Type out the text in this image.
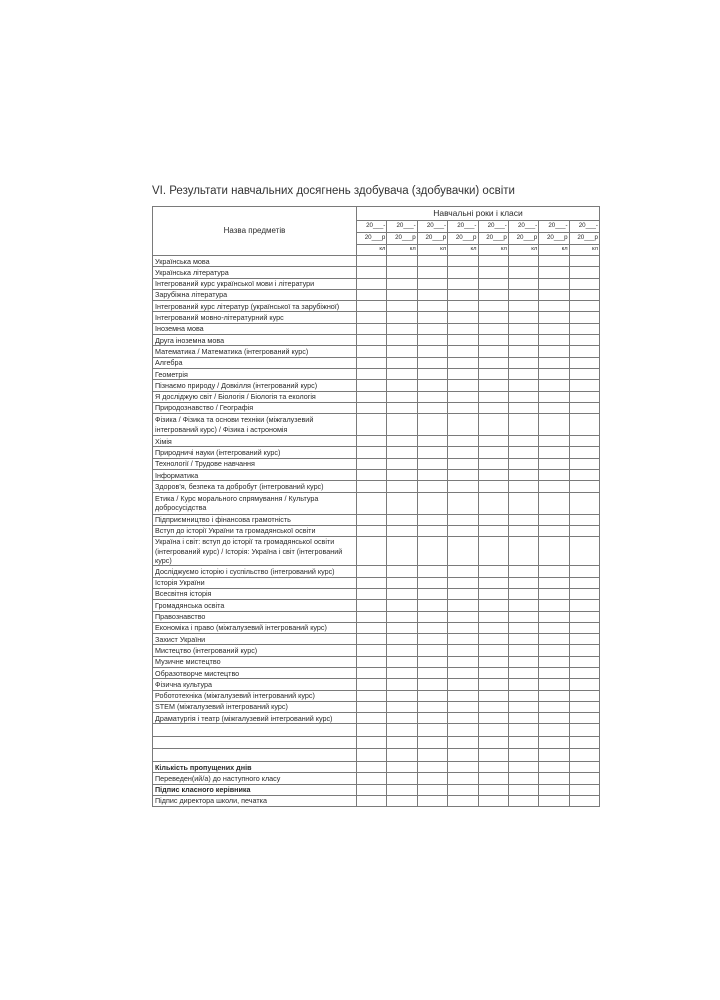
VI. Результати навчальних досягнень здобувача (здобувачки) освіти
Назва предметів	Навчальні роки і класи							
	20___-	20___-	20___-	20___-	20___-	20___-	20___-	20___-
	20___р	20___р	20___р	20___р	20___р	20___р	20___р	20___р
	кл	кл	кл	кл	кл	кл	кл	кл
Українська мова								
Українська література								
Інтегрований курс української мови і літератури								
Зарубіжна література								
Інтегрований курс літератур (української та зарубіжної)								
Інтегрований мовно-літературний курс								
Іноземна мова								
Друга іноземна мова								
Математика / Математика (інтегрований курс)								
Алгебра								
Геометрія								
Пізнаємо природу / Довкілля (інтегрований курс)								
Я досліджую світ / Біологія / Біологія та екологія								
Природознавство / Географія								
Фізика / Фізика та основи техніки (міжгалузевий інтегрований курс) / Фізика і астрономія								
Хімія								
Природничі науки (інтегрований курс)								
Технології / Трудове навчання								
Інформатика								
Здоров'я, безпека та добробут (інтегрований курс)								
Етика / Курс морального спрямування / Культура добросусідства								
Підприємництво і фінансова грамотність								
Вступ до історії України та громадянської освіти								
Україна і світ: вступ до історії та громадянської освіти (інтегрований курс) / Історія: Україна і світ (інтегрований курс)								
Досліджуємо історію і суспільство (інтегрований курс)								
Історія України								
Всесвітня історія								
Громадянська освіта								
Правознавство								
Економіка і право (міжгалузевий інтегрований курс)								
Захист України								
Мистецтво (інтегрований курс)								
Музичне мистецтво								
Образотворче мистецтво								
Фізична культура								
Робототехніка (міжгалузевий інтегрований курс)								
STEM (міжгалузевий інтегрований курс)								
Драматургія і театр (міжгалузевий інтегрований курс)								

Кількість пропущених днів								
Переведен(ий/а) до наступного класу								
Підпис класного керівника								
Підпис директора школи, печатка								
